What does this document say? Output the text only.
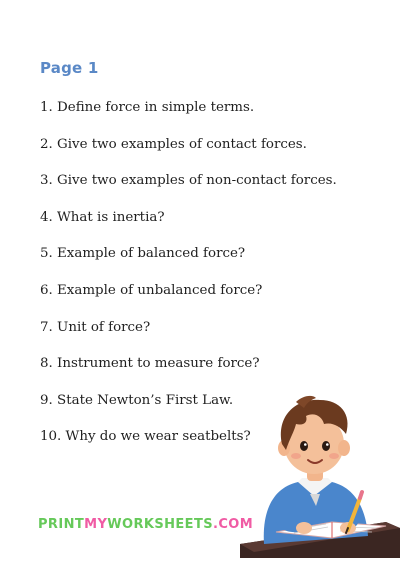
Page 1
1. Define force in simple terms.
2. Give two examples of contact forces.
3. Give two examples of non-contact forces.
4. What is inertia?
5. Example of balanced force?
6. Example of unbalanced force?
7. Unit of force?
8. Instrument to measure force?
9. State Newton’s First Law.
10. Why do we wear seatbelts?
PRINTMYWORKSHEETS.COM
